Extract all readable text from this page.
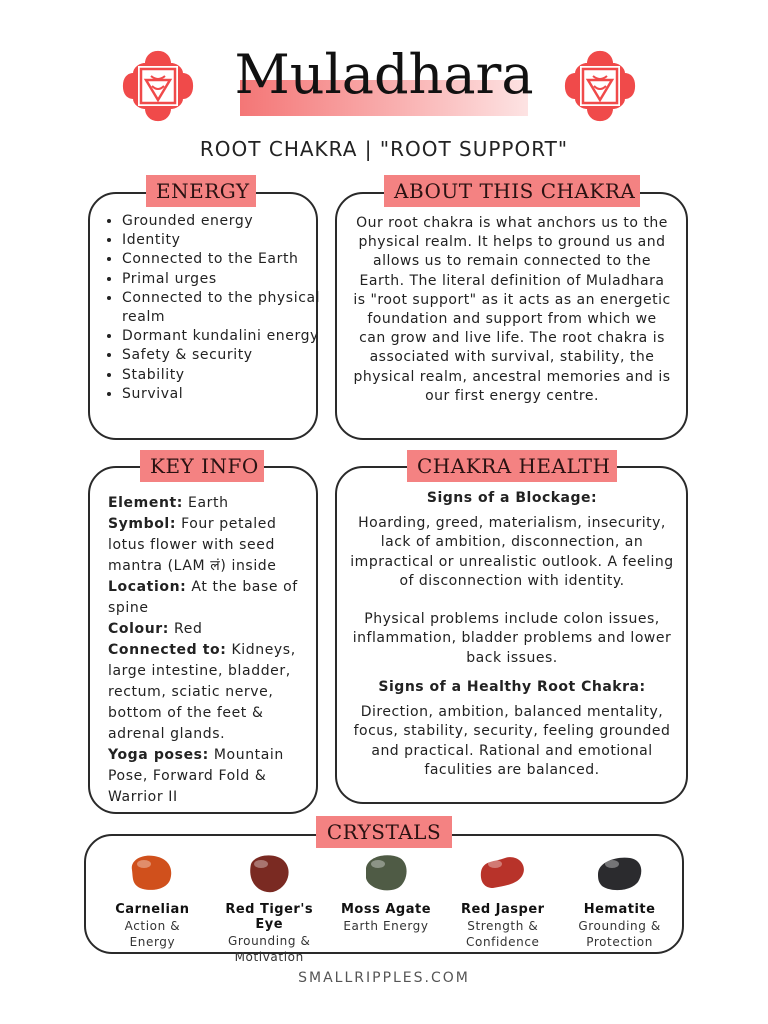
Muladhara
ROOT CHAKRA | "ROOT SUPPORT"
ENERGY
• Grounded energy
• Identity
• Connected to the Earth
• Primal urges
• Connected to the physical realm
• Dormant kundalini energy
• Safety & security
• Stability
• Survival
ABOUT THIS CHAKRA
Our root chakra is what anchors us to the physical realm. It helps to ground us and allows us to remain connected to the Earth. The literal definition of Muladhara is "root support" as it acts as an energetic foundation and support from which we can grow and live life. The root chakra is associated with survival, stability, the physical realm, ancestral memories and is our first energy centre.
KEY INFO
Element: Earth
Symbol: Four petaled lotus flower with seed mantra (LAM लं) inside
Location: At the base of spine
Colour: Red
Connected to: Kidneys, large intestine, bladder, rectum, sciatic nerve, bottom of the feet & adrenal glands.
Yoga poses: Mountain Pose, Forward Fold & Warrior II
CHAKRA HEALTH
Signs of a Blockage:
Hoarding, greed, materialism, insecurity, lack of ambition, disconnection, an impractical or unrealistic outlook. A feeling of disconnection with identity.
Physical problems include colon issues, inflammation, bladder problems and lower back issues.
Signs of a Healthy Root Chakra:
Direction, ambition, balanced mentality, focus, stability, security, feeling grounded and practical. Rational and emotional faculities are balanced.
CRYSTALS
Carnelian
Action &
Energy
Red Tiger's Eye
Grounding &
Motivation
Moss Agate
Earth Energy
Red Jasper
Strength &
Confidence
Hematite
Grounding &
Protection
SMALLRIPPLES.COM
